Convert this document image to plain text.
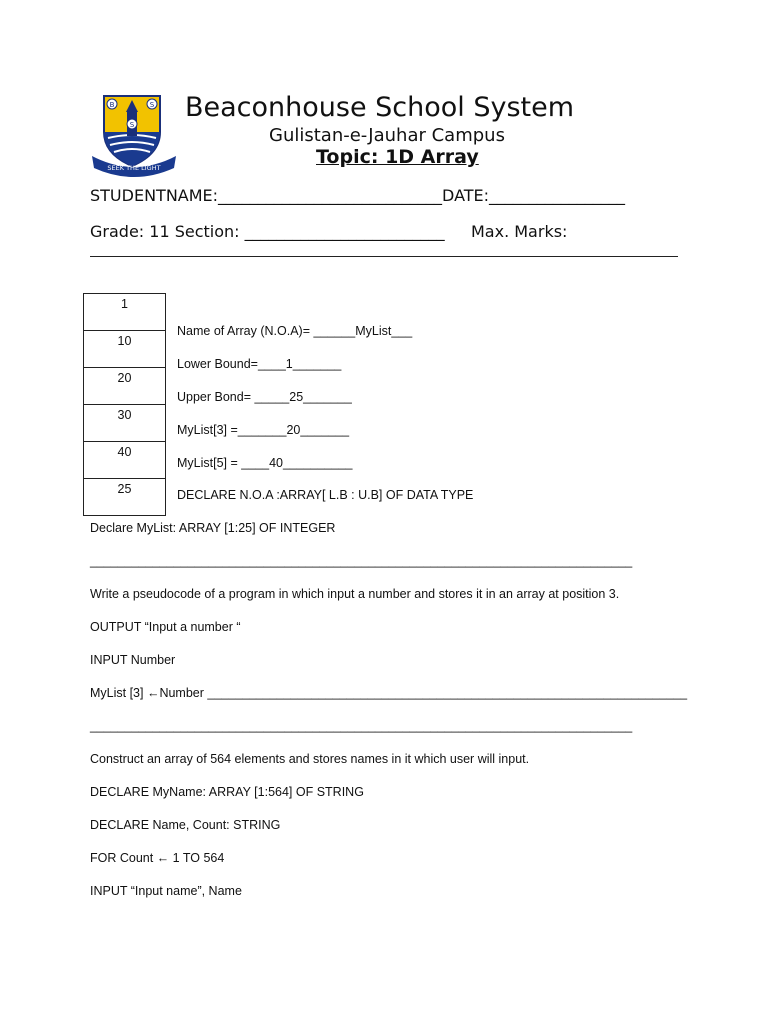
B	S
S
SEEK THE LIGHT
Beaconhouse School System
Gulistan-e-Jauhar Campus
Topic: 1D Array
STUDENTNAME:____________________________DATE:_________________
Grade: 11 Section: _________________________ Max. Marks:
1
10
20
30
40
25
Name of Array (N.O.A)= ______MyList___
Lower Bound=____1_______
Upper Bond= _____25_______
MyList[3] =_______20_______
MyList[5] = ____40__________
DECLARE N.O.A :ARRAY[ L.B : U.B] OF DATA TYPE
Declare MyList: ARRAY [1:25] OF INTEGER
______________________________________________________________________________
Write a pseudocode of a program in which input a number and stores it in an array at position 3.
OUTPUT “Input a number “
INPUT Number
MyList [3] ←Number _____________________________________________________________________
______________________________________________________________________________
Construct an array of 564 elements and stores names in it which user will input.
DECLARE MyName: ARRAY [1:564] OF STRING
DECLARE Name, Count: STRING
FOR Count ← 1 TO 564
INPUT “Input name”, Name
